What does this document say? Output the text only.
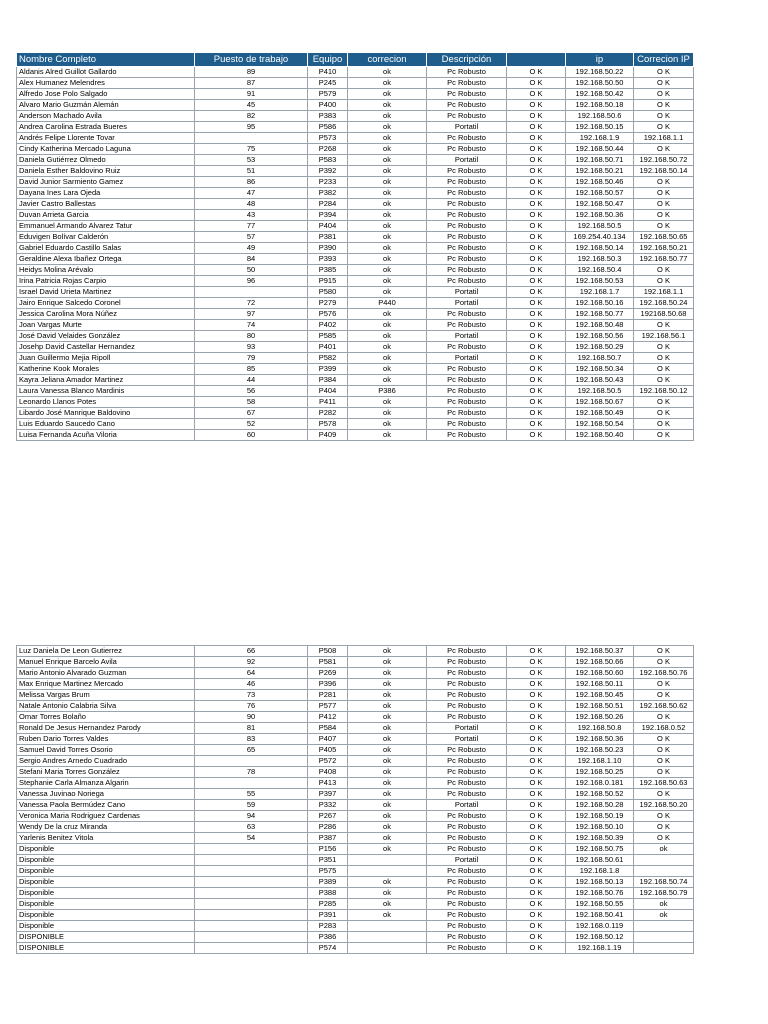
Nombre Completo	Puesto de trabajo	Equipo	correcion	Descripción		ip	Correcion IP
Aldanis Alred Guillot Gallardo	89	P410	ok	Pc Robusto	O K	192.168.50.22	O K
Alex Humanez Melendres	87	P245	ok	Pc Robusto	O K	192.168.50.50	O K
Alfredo Jose Polo Salgado	91	P579	ok	Pc Robusto	O K	192.168.50.42	O K
Alvaro Mario Guzmán Alemán	45	P400	ok	Pc Robusto	O K	192.168.50.18	O K
Anderson Machado Avila	82	P383	ok	Pc Robusto	O K	192.168.50.6	O K
Andrea Carolina Estrada Bueres	95	P586	ok	Portatil	O K	192.168.50.15	O K
Andrés Felipe Llorente Tovar		P573	ok	Pc Robusto	O K	192.168.1.9	192.168.1.1
Cindy Katherina Mercado Laguna	75	P268	ok	Pc Robusto	O K	192.168.50.44	O K
Daniela Gutiérrez Olmedo	53	P583	ok	Portatil	O K	192.168.50.71	192.168.50.72
Daniela Esther Baldovino Ruiz	51	P392	ok	Pc Robusto	O K	192.168.50.21	192.168.50.14
David Junior Sarmiento Gamez	86	P233	ok	Pc Robusto	O K	192.168.50.46	O K
Dayana Ines Lara Ojeda	47	P382	ok	Pc Robusto	O K	192.168.50.57	O K
Javier Castro Ballestas	48	P284	ok	Pc Robusto	O K	192.168.50.47	O K
Duvan Arrieta Garcia	43	P394	ok	Pc Robusto	O K	192.168.50.36	O K
Emmanuel Armando Alvarez Tatur	77	P404	ok	Pc Robusto	O K	192.168.50.5	O K
Eduvigen Bolívar Calderón	57	P381	ok	Pc Robusto	O K	169.254.40.134	192.168.50.65
Gabriel Eduardo Castillo Salas	49	P390	ok	Pc Robusto	O K	192.168.50.14	192.168.50.21
Geraldine Alexa Ibañez Ortega	84	P393	ok	Pc Robusto	O K	192.168.50.3	192.168.50.77
Heidys Molina Arévalo	50	P385	ok	Pc Robusto	O K	192.168.50.4	O K
Irina Patricia Rojas Carpio	96	P915	ok	Pc Robusto	O K	192.168.50.53	O K
Israel David Urieta Martinez		P580	ok	Portatil	O K	192.168.1.7	192.168.1.1
Jairo Enrique Salcedo Coronel	72	P279	P440	Portatil	O K	192.168.50.16	192.168.50.24
Jessica Carolina Mora Núñez	97	P576	ok	Pc Robusto	O K	192.168.50.77	192168.50.68
Joan Vargas Murte	74	P402	ok	Pc Robusto	O K	192.168.50.48	O K
José David Velaides González	80	P585	ok	Portatil	O K	192.168.50.56	192.168.56.1
Josehp David Castellar Hernandez	93	P401	ok	Pc Robusto	O K	192.168.50.29	O K
Juan Guillermo Mejia Ripoll	79	P582	ok	Portatil	O K	192.168.50.7	O K
Katherine Kook Morales	85	P399	ok	Pc Robusto	O K	192.168.50.34	O K
Kayra Jeliana Amador Martinez	44	P384	ok	Pc Robusto	O K	192.168.50.43	O K
Laura Vanessa Blanco Mardinis	56	P404	P386	Pc Robusto	O K	192.168.50.5	192.168.50.12
Leonardo Llanos Potes	58	P411	ok	Pc Robusto	O K	192.168.50.67	O K
Libardo José Manrique Baldovino	67	P282	ok	Pc Robusto	O K	192.168.50.49	O K
Luis Eduardo Saucedo Cano	52	P578	ok	Pc Robusto	O K	192.168.50.54	O K
Luisa Fernanda Acuña Viloria	60	P409	ok	Pc Robusto	O K	192.168.50.40	O K
Luz Daniela De Leon Gutierrez	66	P508	ok	Pc Robusto	O K	192.168.50.37	O K
Manuel Enrique Barcelo Avila	92	P581	ok	Pc Robusto	O K	192.168.50.66	O K
Mario Antonio Alvarado Guzman	64	P269	ok	Pc Robusto	O K	192.168.50.60	192.168.50.76
Max Enrique Martinez Mercado	46	P396	ok	Pc Robusto	O K	192.168.50.11	O K
Melissa Vargas Brum	73	P281	ok	Pc Robusto	O K	192.168.50.45	O K
Natale Antonio Calabria Silva	76	P577	ok	Pc Robusto	O K	192.168.50.51	192.168.50.62
Omar Torres Bolaño	90	P412	ok	Pc Robusto	O K	192.168.50.26	O K
Ronald De Jesus Hernandez Parody	81	P584	ok	Portatil	O K	192.168.50.8	192.168.0.52
Ruben Dario Torres Valdes	83	P407	ok	Portatil	O K	192.168.50.36	O K
Samuel David Torres Osorio	65	P405	ok	Pc Robusto	O K	192.168.50.23	O K
Sergio Andres Arnedo Cuadrado		P572	ok	Pc Robusto	O K	192.168.1.10	O K
Stefani Maria Torres González	78	P408	ok	Pc Robusto	O K	192.168.50.25	O K
Stephanie Carla Almanza Algarin		P413	ok	Pc Robusto	O K	192.168.0.181	192.168.50.63
Vanessa Juvinao Noriega	55	P397	ok	Pc Robusto	O K	192.168.50.52	O K
Vanessa Paola Bermúdez Cano	59	P332	ok	Portatil	O K	192.168.50.28	192.168.50.20
Veronica Maria Rodriguez Cardenas	94	P267	ok	Pc Robusto	O K	192.168.50.19	O K
Wendy De la cruz Miranda	63	P286	ok	Pc Robusto	O K	192.168.50.10	O K
Yarlenis Benitez Vitola	54	P387	ok	Pc Robusto	O K	192.168.50.39	O K
Disponible		P156	ok	Pc Robusto	O K	192.168.50.75	ok
Disponible		P351		Portatil	O K	192.168.50.61	
Disponible		P575		Pc Robusto	O K	192.168.1.8	
Disponible		P389	ok	Pc Robusto	O K	192.168.50.13	192.168.50.74
Disponible		P388	ok	Pc Robusto	O K	192.168.50.76	192.168.50.79
Disponible		P285	ok	Pc Robusto	O K	192.168.50.55	ok
Disponible		P391	ok	Pc Robusto	O K	192.168.50.41	ok
Disponible		P283		Pc Robusto	O K	192.168.0.119	
DISPONIBLE		P386		Pc Robusto	O K	192.168.50.12	
DISPONIBLE		P574		Pc Robusto	O K	192.168.1.19	
